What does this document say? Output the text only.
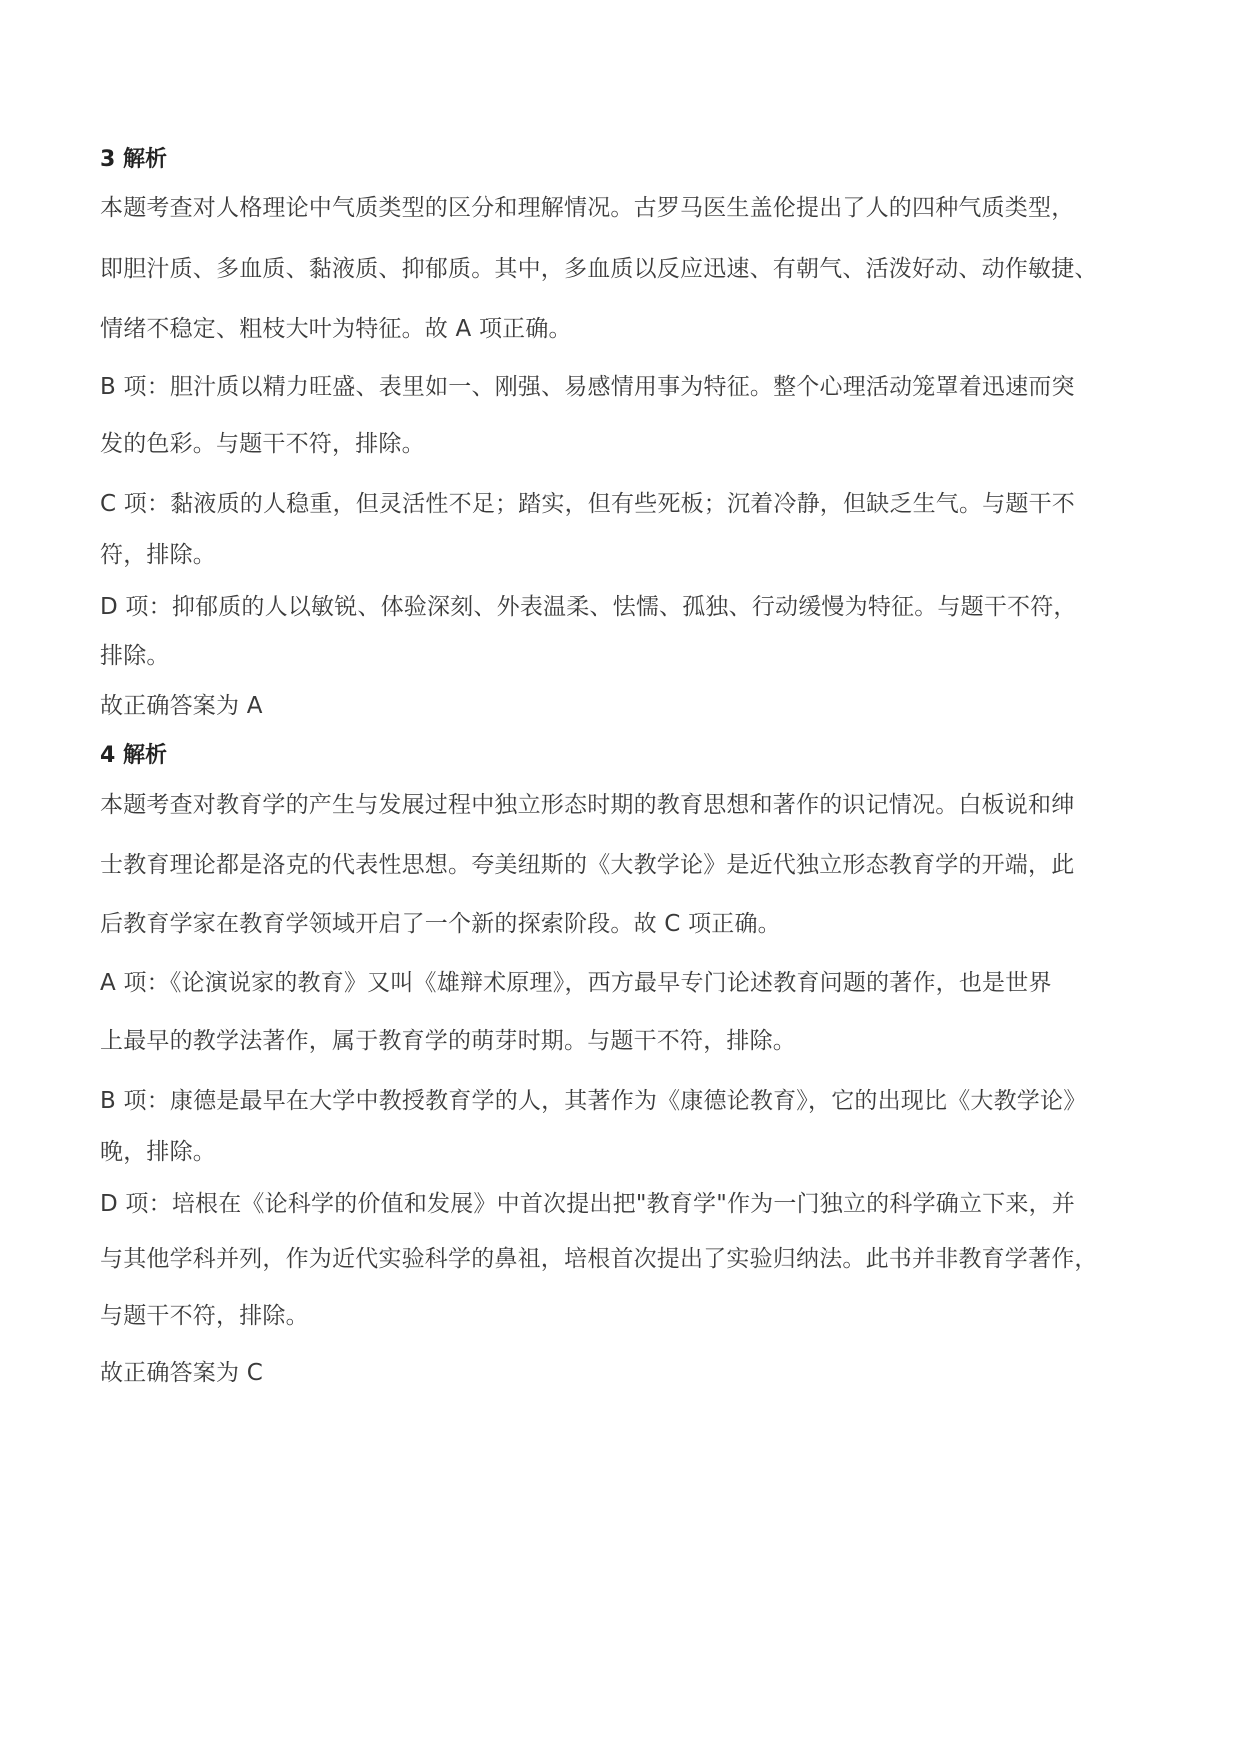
3 解析
本题考查对人格理论中气质类型的区分和理解情况。古罗马医生盖伦提出了人的四种气质类型，
即胆汁质、多血质、黏液质、抑郁质。其中，多血质以反应迅速、有朝气、活泼好动、动作敏捷、
情绪不稳定、粗枝大叶为特征。故 A 项正确。
B 项：胆汁质以精力旺盛、表里如一、刚强、易感情用事为特征。整个心理活动笼罩着迅速而突
发的色彩。与题干不符，排除。
C 项：黏液质的人稳重，但灵活性不足；踏实，但有些死板；沉着冷静，但缺乏生气。与题干不
符，排除。
D 项：抑郁质的人以敏锐、体验深刻、外表温柔、怯懦、孤独、行动缓慢为特征。与题干不符，
排除。
故正确答案为 A
4 解析
本题考查对教育学的产生与发展过程中独立形态时期的教育思想和著作的识记情况。白板说和绅
士教育理论都是洛克的代表性思想。夸美纽斯的《大教学论》是近代独立形态教育学的开端，此
后教育学家在教育学领域开启了一个新的探索阶段。故 C 项正确。
A 项：《论演说家的教育》又叫《雄辩术原理》，西方最早专门论述教育问题的著作，也是世界
上最早的教学法著作，属于教育学的萌芽时期。与题干不符，排除。
B 项：康德是最早在大学中教授教育学的人，其著作为《康德论教育》，它的出现比《大教学论》
晚，排除。
D 项：培根在《论科学的价值和发展》中首次提出把"教育学"作为一门独立的科学确立下来，并
与其他学科并列，作为近代实验科学的鼻祖，培根首次提出了实验归纳法。此书并非教育学著作，
与题干不符，排除。
故正确答案为 C
